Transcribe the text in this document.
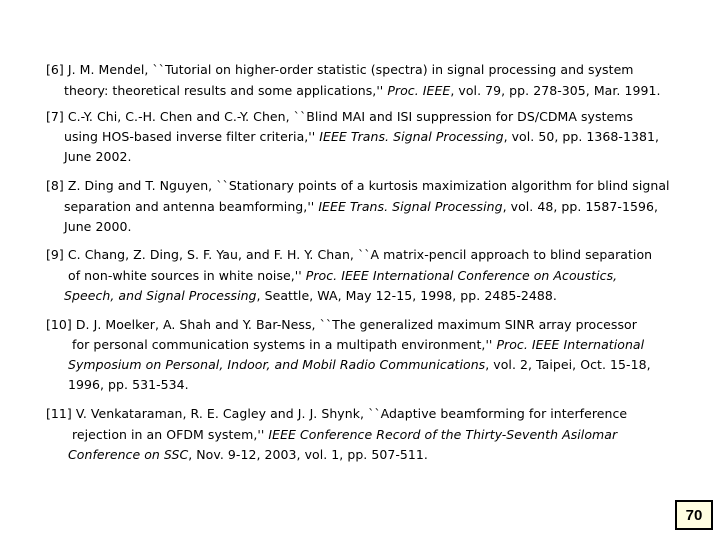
[6] J. M. Mendel, ``Tutorial on higher-order statistic (spectra) in signal processing and system
theory: theoretical results and some applications,'' Proc. IEEE, vol. 79, pp. 278-305, Mar. 1991.
[7] C.-Y. Chi, C.-H. Chen and C.-Y. Chen, ``Blind MAI and ISI suppression for DS/CDMA systems
using HOS-based inverse filter criteria,'' IEEE Trans. Signal Processing, vol. 50, pp. 1368-1381,
June 2002.
[8] Z. Ding and T. Nguyen, ``Stationary points of a kurtosis maximization algorithm for blind signal
separation and antenna beamforming,'' IEEE Trans. Signal Processing, vol. 48, pp. 1587-1596,
June 2000.
[9] C. Chang, Z. Ding, S. F. Yau, and F. H. Y. Chan, ``A matrix-pencil approach to blind separation
of non-white sources in white noise,'' Proc. IEEE International Conference on Acoustics,
Speech, and Signal Processing, Seattle, WA, May 12-15, 1998, pp. 2485-2488.
[10] D. J. Moelker, A. Shah and Y. Bar-Ness, ``The generalized maximum SINR array processor
for personal communication systems in a multipath environment,'' Proc. IEEE International
Symposium on Personal, Indoor, and Mobil Radio Communications, vol. 2, Taipei, Oct. 15-18,
1996, pp. 531-534.
[11] V. Venkataraman, R. E. Cagley and J. J. Shynk, ``Adaptive beamforming for interference
rejection in an OFDM system,'' IEEE Conference Record of the Thirty-Seventh Asilomar
Conference on SSC, Nov. 9-12, 2003, vol. 1, pp. 507-511.
70
